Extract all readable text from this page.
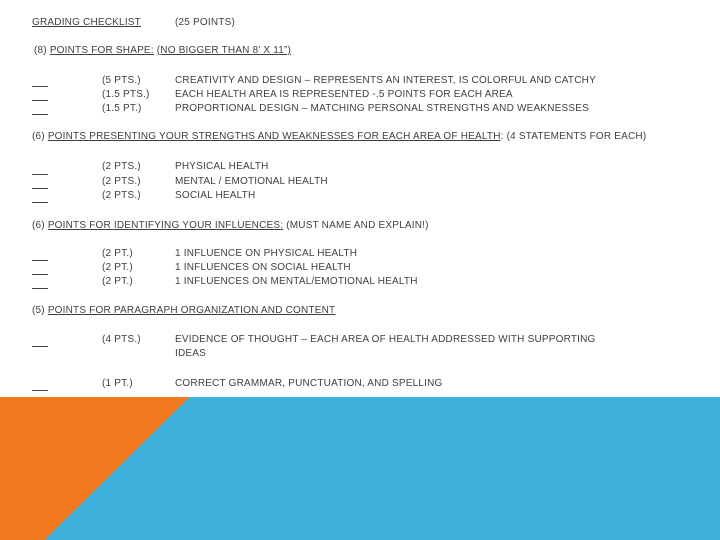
GRADING CHECKLIST	(25 POINTS)
(8) POINTS FOR SHAPE: (NO BIGGER THAN 8’ X 11”)
(5 PTS.)	CREATIVITY AND DESIGN – REPRESENTS AN INTEREST, IS COLORFUL AND CATCHY
(1.5 PTS.)	EACH HEALTH AREA IS REPRESENTED -.5 POINTS FOR EACH AREA
(1.5 PT.)	PROPORTIONAL DESIGN – MATCHING PERSONAL STRENGTHS AND WEAKNESSES
(6) POINTS PRESENTING YOUR STRENGTHS AND WEAKNESSES FOR EACH AREA OF HEALTH: (4 STATEMENTS FOR EACH)
(2 PTS.)	PHYSICAL HEALTH
(2 PTS.)	MENTAL / EMOTIONAL HEALTH
(2 PTS.)	SOCIAL HEALTH
(6) POINTS FOR IDENTIFYING YOUR INFLUENCES: (MUST NAME AND EXPLAIN!)
(2 PT.)	1 INFLUENCE ON PHYSICAL HEALTH
(2 PT.)	1 INFLUENCES ON SOCIAL HEALTH
(2 PT.)	1 INFLUENCES ON MENTAL/EMOTIONAL HEALTH
(5) POINTS FOR PARAGRAPH ORGANIZATION AND CONTENT
(4 PTS.)	EVIDENCE OF THOUGHT – EACH AREA OF HEALTH ADDRESSED WITH SUPPORTING
IDEAS
(1 PT.)	CORRECT GRAMMAR, PUNCTUATION, AND SPELLING
